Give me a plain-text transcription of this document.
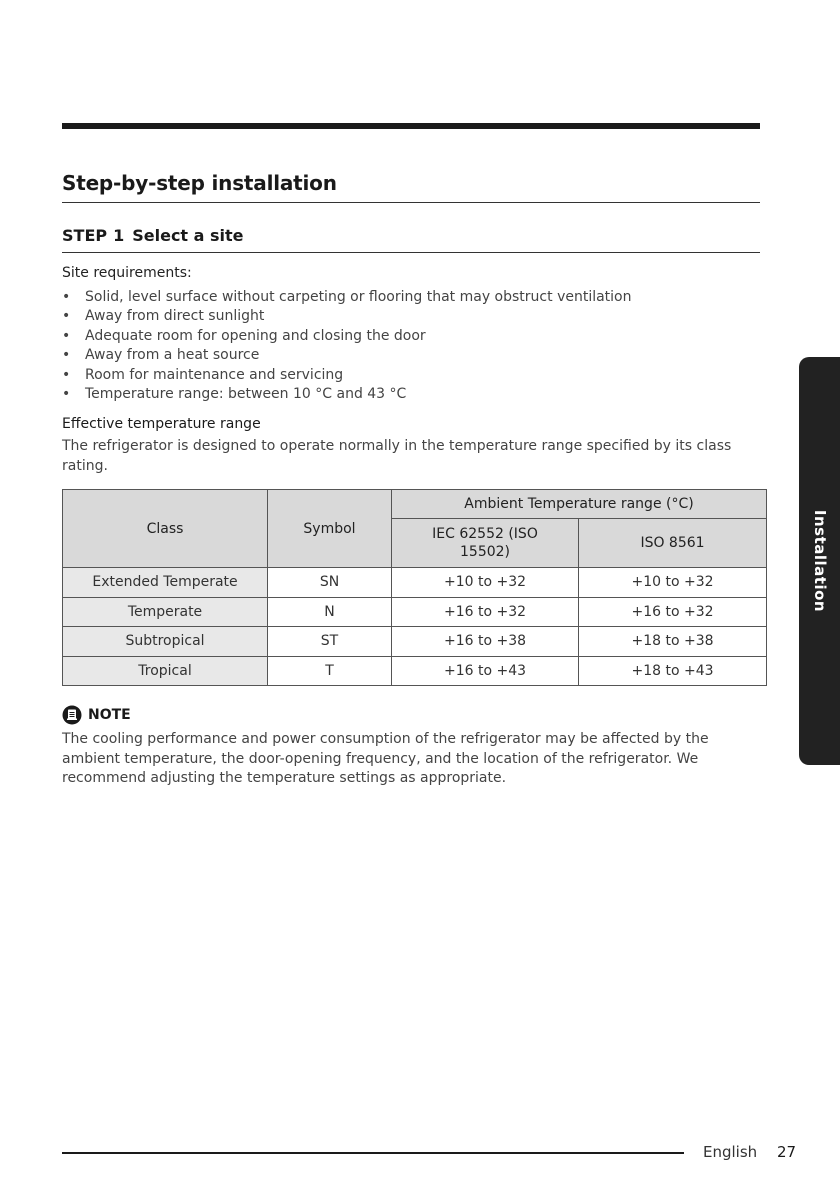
Step-by-step installation
STEP 1 Select a site
Site requirements:
• Solid, level surface without carpeting or flooring that may obstruct ventilation
• Away from direct sunlight
• Adequate room for opening and closing the door
• Away from a heat source
• Room for maintenance and servicing
• Temperature range: between 10 °C and 43 °C
Effective temperature range
The refrigerator is designed to operate normally in the temperature range specified by its class rating.
Class	Symbol	Ambient Temperature range (°C)	
		IEC 62552 (ISO 15502)	ISO 8561
Extended Temperate	SN	+10 to +32	+10 to +32
Temperate	N	+16 to +32	+16 to +32
Subtropical	ST	+16 to +38	+18 to +38
Tropical	T	+16 to +43	+18 to +43
NOTE
The cooling performance and power consumption of the refrigerator may be affected by the ambient temperature, the door-opening frequency, and the location of the refrigerator. We recommend adjusting the temperature settings as appropriate.
Installation
English 27
